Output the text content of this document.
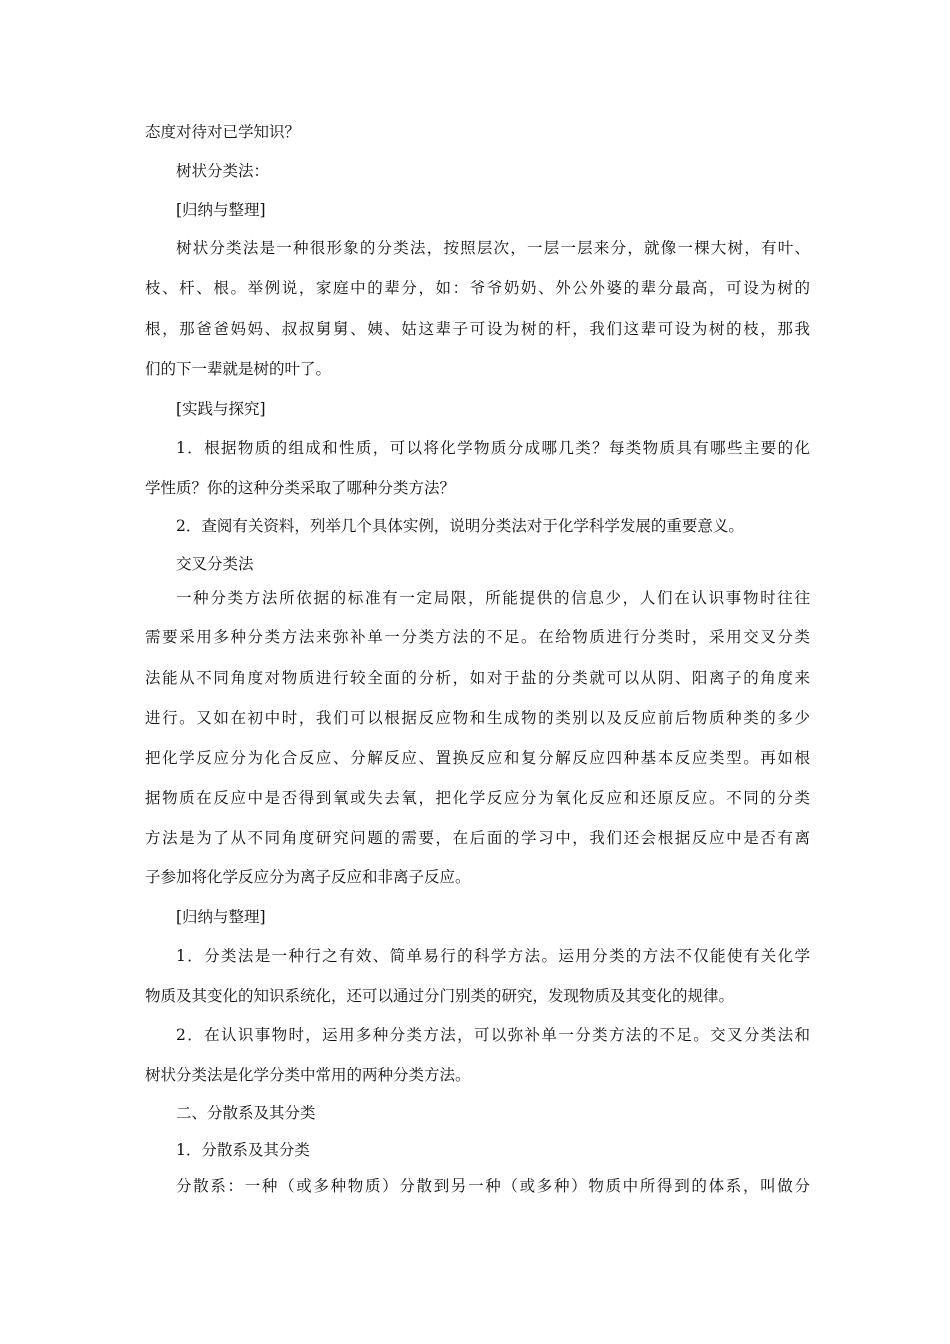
态度对待对已学知识？
树状分类法：
[归纳与整理]
树状分类法是一种很形象的分类法，按照层次，一层一层来分，就像一棵大树，有叶、
枝、杆、根。举例说，家庭中的辈分，如：爷爷奶奶、外公外婆的辈分最高，可设为树的
根，那爸爸妈妈、叔叔舅舅、姨、姑这辈子可设为树的杆，我们这辈可设为树的枝，那我
们的下一辈就是树的叶了。
[实践与探究]
1．根据物质的组成和性质，可以将化学物质分成哪几类？每类物质具有哪些主要的化
学性质？你的这种分类采取了哪种分类方法？
2．查阅有关资料，列举几个具体实例，说明分类法对于化学科学发展的重要意义。
交叉分类法
一种分类方法所依据的标准有一定局限，所能提供的信息少，人们在认识事物时往往
需要采用多种分类方法来弥补单一分类方法的不足。在给物质进行分类时，采用交叉分类
法能从不同角度对物质进行较全面的分析，如对于盐的分类就可以从阴、阳离子的角度来
进行。又如在初中时，我们可以根据反应物和生成物的类别以及反应前后物质种类的多少
把化学反应分为化合反应、分解反应、置换反应和复分解反应四种基本反应类型。再如根
据物质在反应中是否得到氧或失去氧，把化学反应分为氧化反应和还原反应。不同的分类
方法是为了从不同角度研究问题的需要，在后面的学习中，我们还会根据反应中是否有离
子参加将化学反应分为离子反应和非离子反应。
[归纳与整理]
1．分类法是一种行之有效、简单易行的科学方法。运用分类的方法不仅能使有关化学
物质及其变化的知识系统化，还可以通过分门别类的研究，发现物质及其变化的规律。
2．在认识事物时，运用多种分类方法，可以弥补单一分类方法的不足。交叉分类法和
树状分类法是化学分类中常用的两种分类方法。
二、分散系及其分类
1．分散系及其分类
分散系：一种（或多种物质）分散到另一种（或多种）物质中所得到的体系，叫做分
